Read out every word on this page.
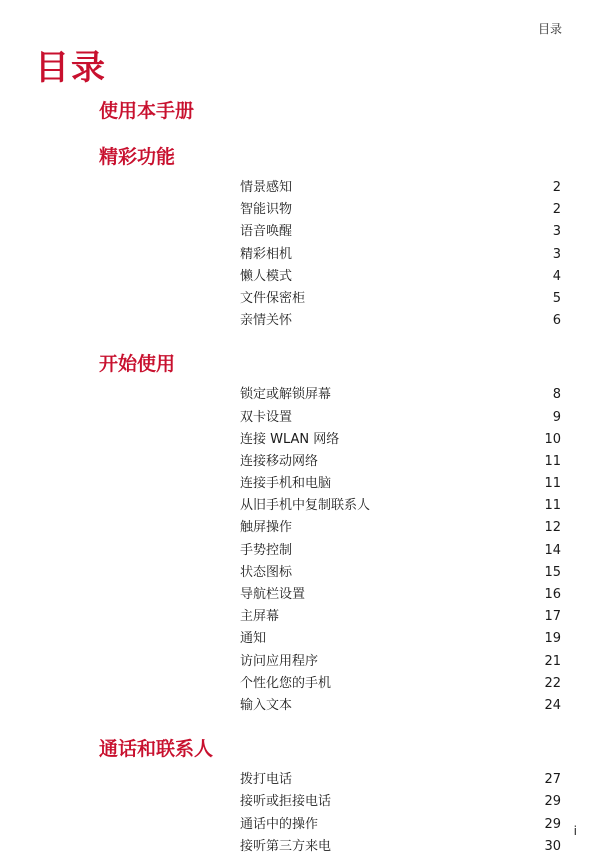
目录
目录
使用本手册
精彩功能
情景感知	2
智能识物	2
语音唤醒	3
精彩相机	3
懒人模式	4
文件保密柜	5
亲情关怀	6
开始使用
锁定或解锁屏幕	8
双卡设置	9
连接 WLAN 网络	10
连接移动网络	11
连接手机和电脑	11
从旧手机中复制联系人	11
触屏操作	12
手势控制	14
状态图标	15
导航栏设置	16
主屏幕	17
通知	19
访问应用程序	21
个性化您的手机	22
输入文本	24
通话和联系人
拨打电话	27
接听或拒接电话	29
通话中的操作	29
接听第三方来电	30
i
